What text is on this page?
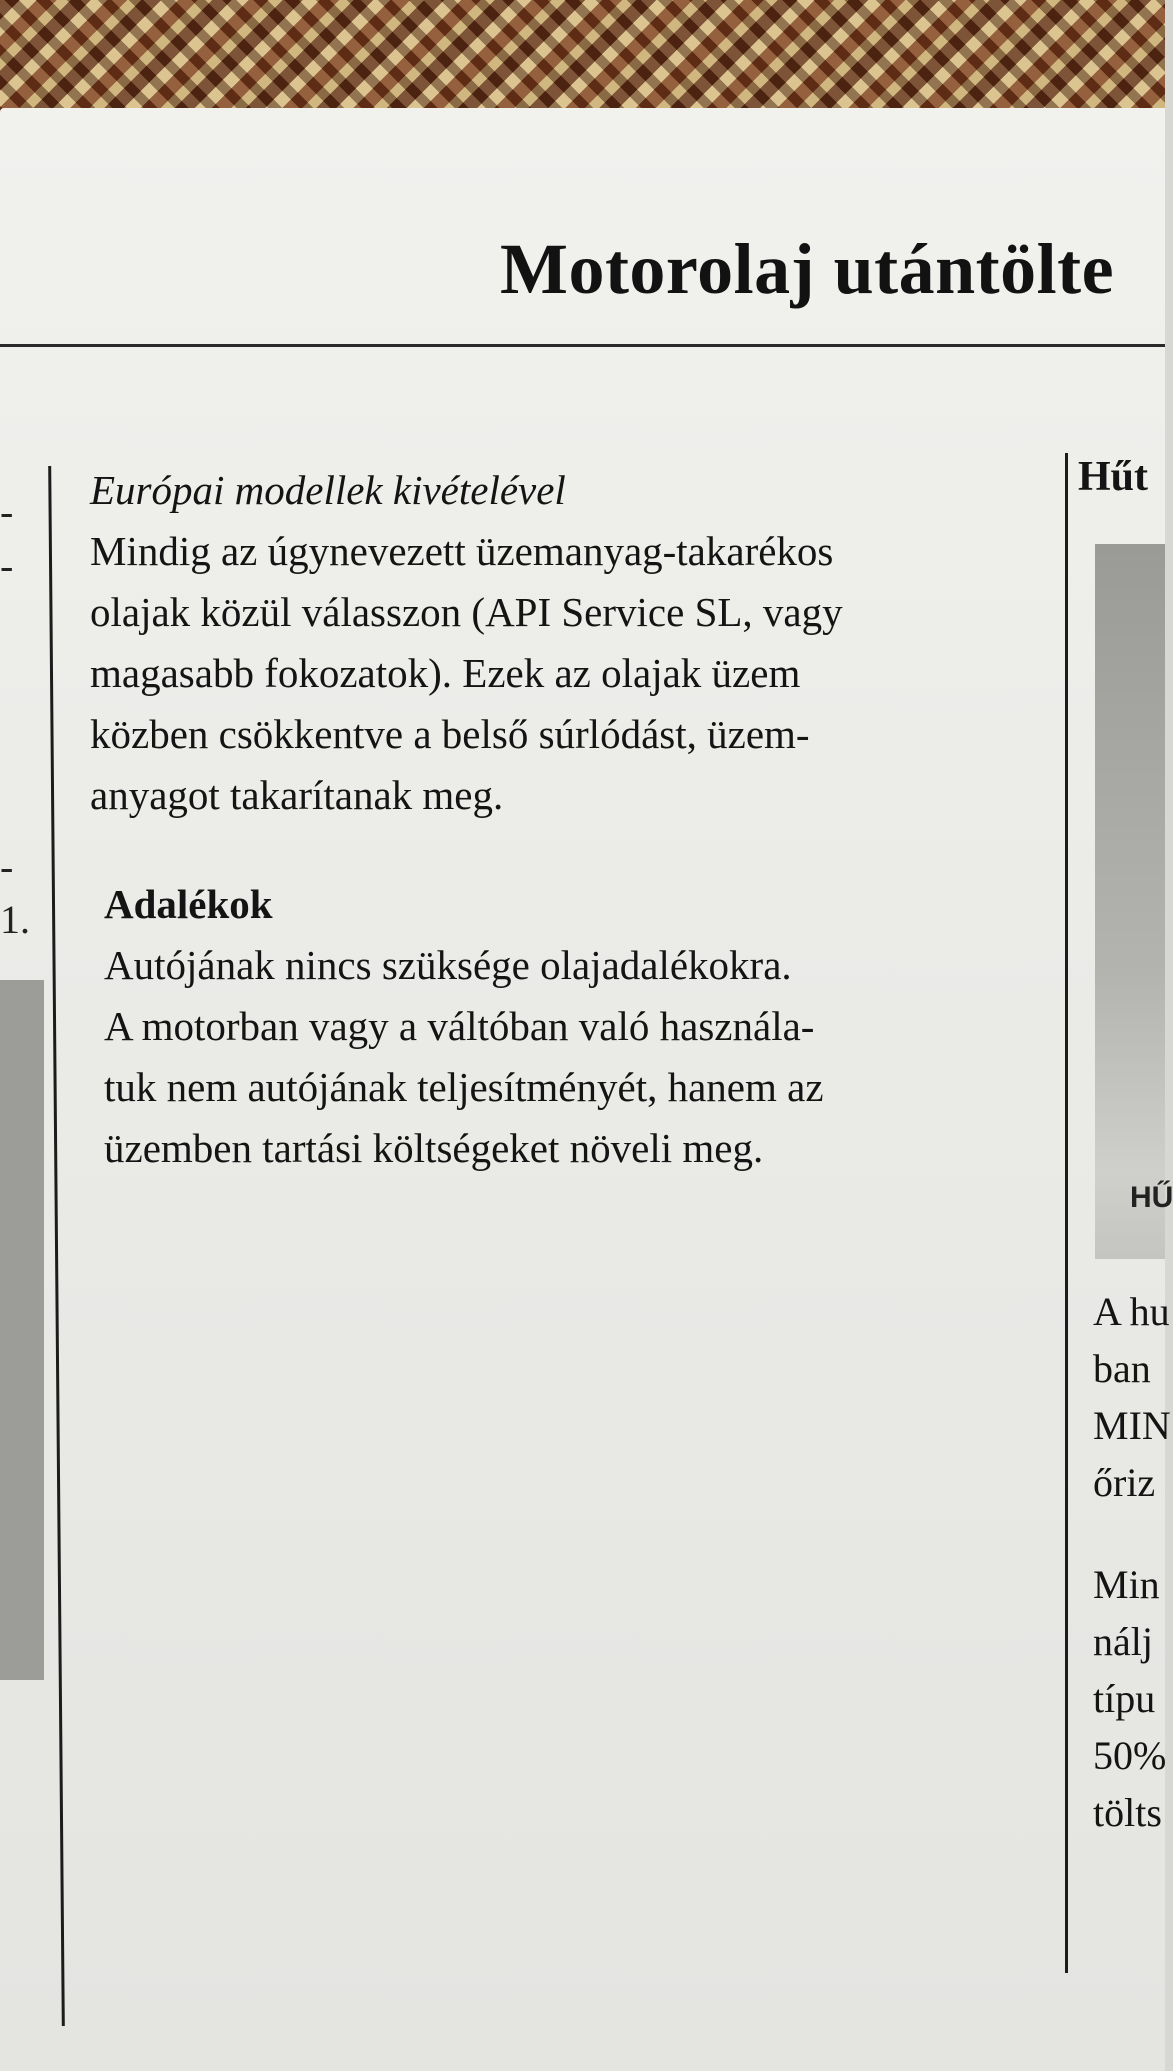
Motorolaj utántölte
-
-
-
1.

Európai modellek kivételével

Mindig az úgynevezett üzemanyag-takarékos

olajak közül válasszon (API Service SL, vagy

magasabb fokozatok). Ezek az olajak üzem

közben csökkentve a belső súrlódást, üzem-

anyagot takarítanak meg.

Adalékok

Autójának nincs szüksége olajadalékokra.

A motorban vagy a váltóban való használa-

tuk nem autójának teljesítményét, hanem az

üzemben tartási költségeket növeli meg.

Hűt
HŰ
A hu
ban
MIN
őriz
Min
nálj
típu
50%
tölts
